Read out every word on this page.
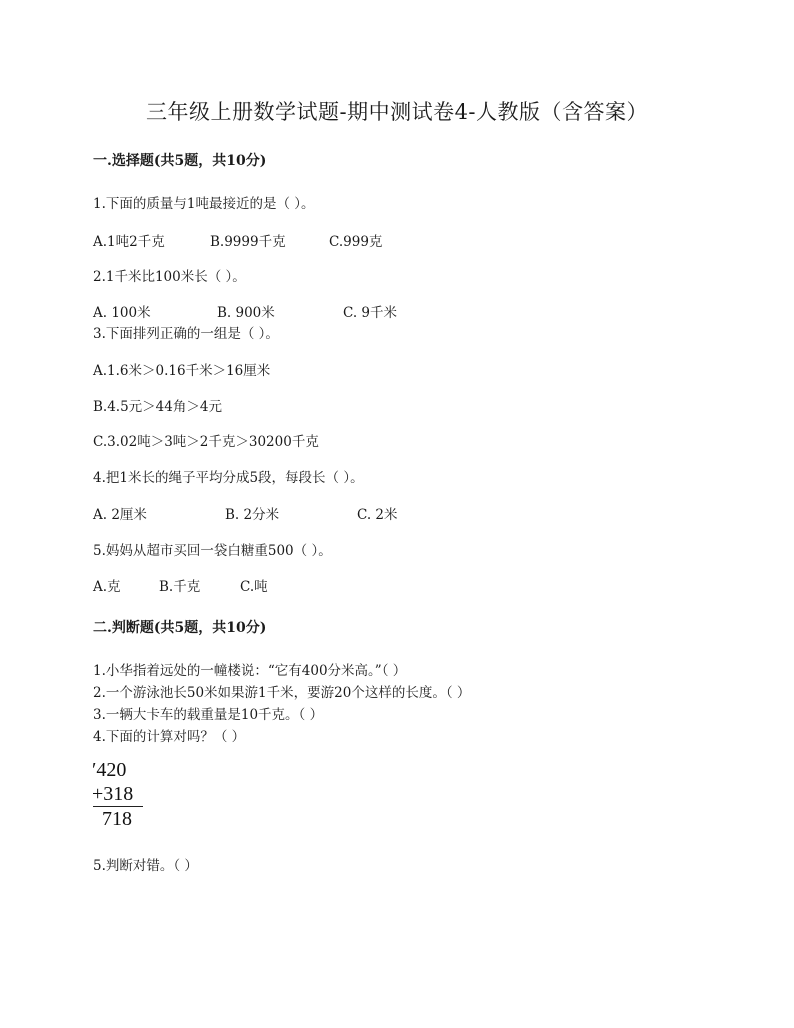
三年级上册数学试题-期中测试卷4-人教版（含答案）
一.选择题(共5题，共10分)
1.下面的质量与1吨最接近的是（ ）。
A.1吨2千克	B.9999千克	C.999克
2.1千米比100米长（ ）。
A. 100米	B. 900米	C. 9千米
3.下面排列正确的一组是（ ）。
A.1.6米＞0.16千米＞16厘米
B.4.5元＞44角＞4元
C.3.02吨＞3吨＞2千克＞30200千克
4.把1米长的绳子平均分成5段，每段长（ ）。
A. 2厘米	B. 2分米	C. 2米
5.妈妈从超市买回一袋白糖重500（ ）。
A.克	B.千克	C.吨
二.判断题(共5题，共10分)
1.小华指着远处的一幢楼说：“它有400分米高。”（ ）
2.一个游泳池长50米如果游1千米，要游20个这样的长度。（ ）
3.一辆大卡车的载重量是10千克。（ ）
4.下面的计算对吗？（ ）
′420
+318
718
5.判断对错。（ ）
